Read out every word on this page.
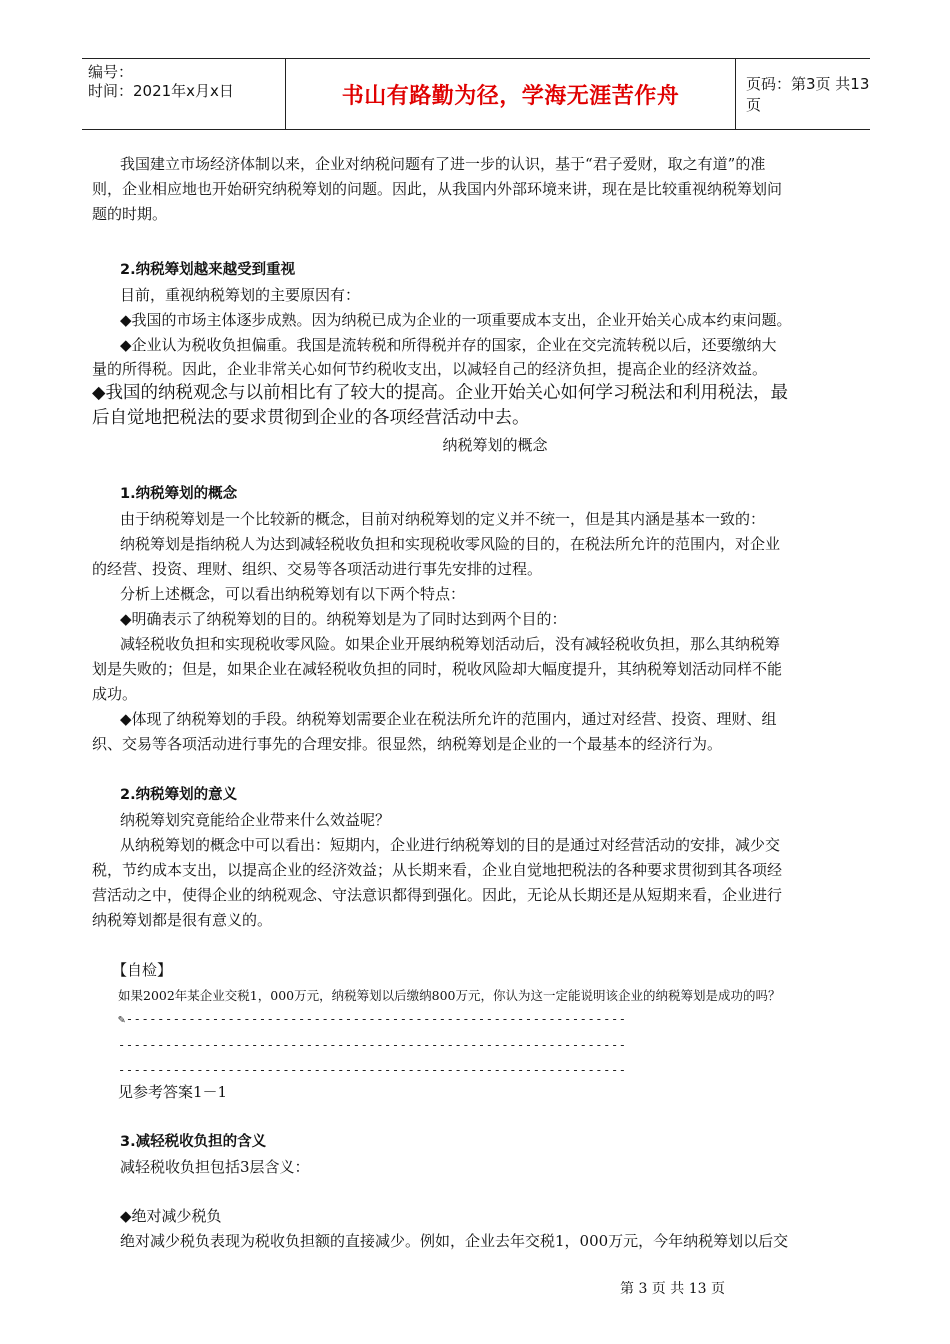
编号：
时间：2021年x月x日	书山有路勤为径，学海无涯苦作舟	页码：第3页 共13页
我国建立市场经济体制以来，企业对纳税问题有了进一步的认识，基于“君子爱财，取之有道”的准
则，企业相应地也开始研究纳税筹划的问题。因此，从我国内外部环境来讲，现在是比较重视纳税筹划问
题的时期。
2.纳税筹划越来越受到重视
目前，重视纳税筹划的主要原因有：
◆我国的市场主体逐步成熟。因为纳税已成为企业的一项重要成本支出，企业开始关心成本约束问题。
◆企业认为税收负担偏重。我国是流转税和所得税并存的国家，企业在交完流转税以后，还要缴纳大
量的所得税。因此，企业非常关心如何节约税收支出，以减轻自己的经济负担，提高企业的经济效益。
◆我国的纳税观念与以前相比有了较大的提高。企业开始关心如何学习税法和利用税法，最
后自觉地把税法的要求贯彻到企业的各项经营活动中去。
纳税筹划的概念
1.纳税筹划的概念
由于纳税筹划是一个比较新的概念，目前对纳税筹划的定义并不统一，但是其内涵是基本一致的：
纳税筹划是指纳税人为达到减轻税收负担和实现税收零风险的目的，在税法所允许的范围内，对企业
的经营、投资、理财、组织、交易等各项活动进行事先安排的过程。
分析上述概念，可以看出纳税筹划有以下两个特点：
◆明确表示了纳税筹划的目的。纳税筹划是为了同时达到两个目的：
减轻税收负担和实现税收零风险。如果企业开展纳税筹划活动后，没有减轻税收负担，那么其纳税筹
划是失败的；但是，如果企业在减轻税收负担的同时，税收风险却大幅度提升，其纳税筹划活动同样不能
成功。
◆体现了纳税筹划的手段。纳税筹划需要企业在税法所允许的范围内，通过对经营、投资、理财、组
织、交易等各项活动进行事先的合理安排。很显然，纳税筹划是企业的一个最基本的经济行为。
2.纳税筹划的意义
纳税筹划究竟能给企业带来什么效益呢？
从纳税筹划的概念中可以看出：短期内，企业进行纳税筹划的目的是通过对经营活动的安排，减少交
税，节约成本支出，以提高企业的经济效益；从长期来看，企业自觉地把税法的各种要求贯彻到其各项经
营活动之中，使得企业的纳税观念、守法意识都得到强化。因此，无论从长期还是从短期来看，企业进行
纳税筹划都是很有意义的。
【自检】
如果2002年某企业交税1，000万元，纳税筹划以后缴纳800万元，你认为这一定能说明该企业的纳税筹划是成功的吗？
✎----------------------------------------------------------------
-----------------------------------------------------------------
-----------------------------------------------------------------
见参考答案1－1
3.减轻税收负担的含义
减轻税收负担包括3层含义：
◆绝对减少税负
绝对减少税负表现为税收负担额的直接减少。例如，企业去年交税1，000万元，今年纳税筹划以后交
第 3 页 共 13 页
